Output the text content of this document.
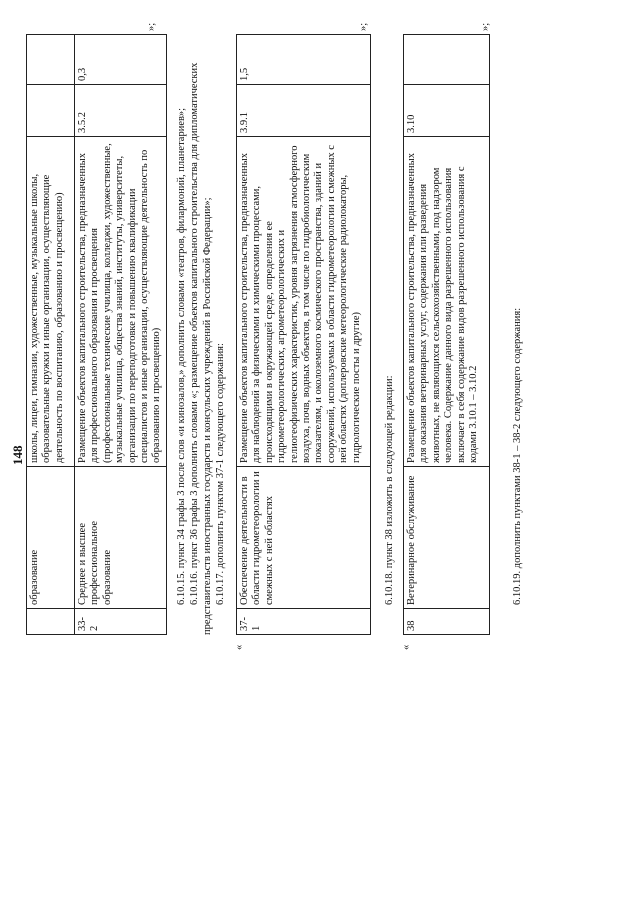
148
	образование	школы, лицеи, гимназии, художественные, музыкальные школы, образовательные кружки и иные организации, осуществляющие деятельность по воспитанию, образованию и просвещению)		
33-2	Среднее и высшее профессиональное образование	Размещение объектов капитального строительства, предназначенных для профессионального образования и просвещения (профессиональные технические училища, колледжи, художественные, музыкальные училища, общества знаний, институты, университеты, организации по переподготовке и повышению квалификации специалистов и иные организации, осуществляющие деятельность по образованию и просвещению)	3.5.2	0,3
»;
6.10.15. пункт 34 графы 3 после слов «и кинозалов,» дополнить словами «театров, филармоний, планетариев»; 6.10.16. пункт 36 графы 3 дополнить словами «; размещение объектов капитального строительства для дипломатических представительств иностранных государств и консульских учреждений в Российской Федерации»; 6.10.17. дополнить пунктом 37-1 следующего содержания:
«
37-1	Обеспечение деятельности в области гидрометеорологии и смежных с ней областях	Размещение объектов капитального строительства, предназначенных для наблюдений за физическими и химическими процессами, происходящими в окружающей среде, определения ее гидрометеорологических, агрометеорологических и гелиогеофизических характеристик, уровня загрязнения атмосферного воздуха, почв, водных объектов, в том числе по гидробиологическим показателям, и околоземного космического пространства, зданий и сооружений, используемых в области гидрометеорологии и смежных с ней областях (доплеровские метеорологические радиолокаторы, гидрологические посты и другие)	3.9.1	1,5
»;
6.10.18. пункт 38 изложить в следующей редакции:
«
38	Ветеринарное обслуживание	Размещение объектов капитального строительства, предназначенных для оказания ветеринарных услуг, содержания или разведения животных, не являющихся сельскохозяйственными, под надзором человека. Содержание данного вида разрешенного использования включает в себя содержание видов разрешенного использования с кодами 3.10.1 – 3.10.2	3.10	
»;
6.10.19. дополнить пунктами 38-1 – 38-2 следующего содержания:
